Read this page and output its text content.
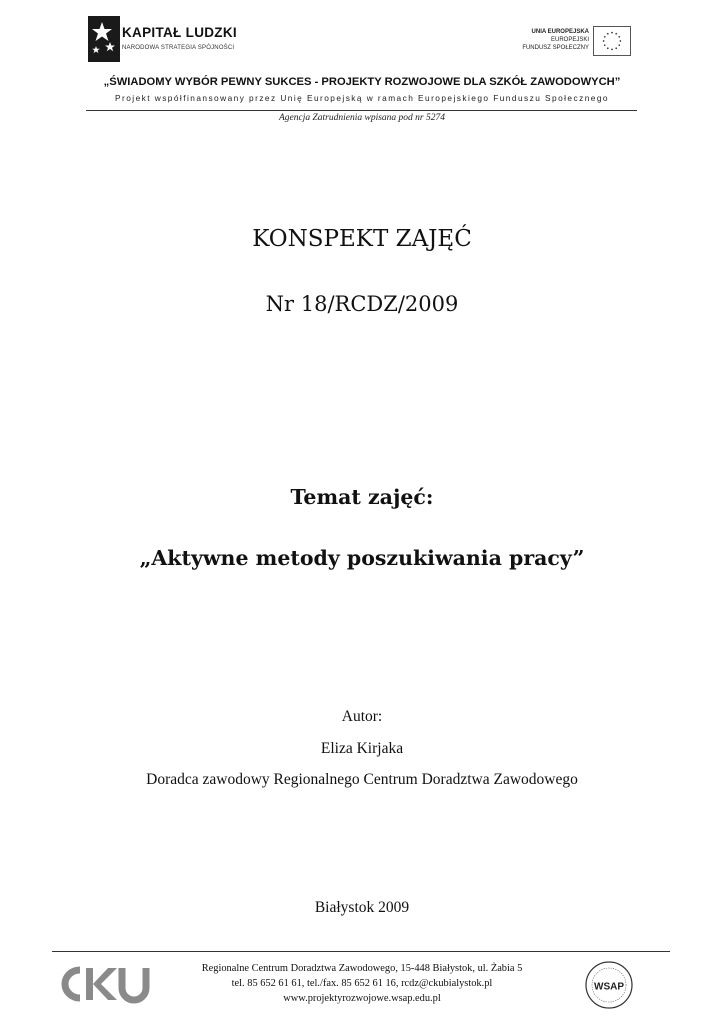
KAPITAŁ LUDZKI
NARODOWA STRATEGIA SPÓJNOŚCI
UNIA EUROPEJSKA
EUROPEJSKI
FUNDUSZ SPOŁECZNY
„ŚWIADOMY WYBÓR PEWNY SUKCES - PROJEKTY ROZWOJOWE DLA SZKÓŁ ZAWODOWYCH”
Projekt współfinansowany przez Unię Europejską w ramach Europejskiego Funduszu Społecznego
Agencja Zatrudnienia wpisana pod nr 5274
KONSPEKT ZAJĘĆ
Nr 18/RCDZ/2009
Temat zajęć:
„Aktywne metody poszukiwania pracy”
Autor:
Eliza Kirjaka
Doradca zawodowy Regionalnego Centrum Doradztwa Zawodowego
Białystok 2009
Regionalne Centrum Doradztwa Zawodowego, 15-448 Białystok, ul. Żabia 5
tel. 85 652 61 61, tel./fax. 85 652 61 16, rcdz@ckubialystok.pl
www.projektyrozwojowe.wsap.edu.pl
WSAP
